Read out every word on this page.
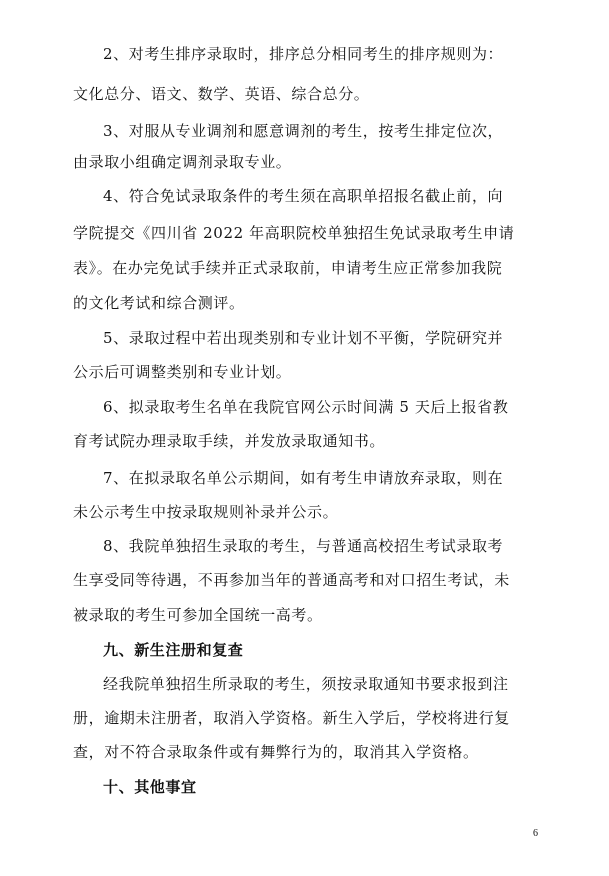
2、对考生排序录取时，排序总分相同考生的排序规则为：
文化总分、语文、数学、英语、综合总分。
3、对服从专业调剂和愿意调剂的考生，按考生排定位次，
由录取小组确定调剂录取专业。
4、符合免试录取条件的考生须在高职单招报名截止前，向
学院提交《四川省 2022 年高职院校单独招生免试录取考生申请
表》。在办完免试手续并正式录取前，申请考生应正常参加我院
的文化考试和综合测评。
5、录取过程中若出现类别和专业计划不平衡，学院研究并
公示后可调整类别和专业计划。
6、拟录取考生名单在我院官网公示时间满 5 天后上报省教
育考试院办理录取手续，并发放录取通知书。
7、在拟录取名单公示期间，如有考生申请放弃录取，则在
未公示考生中按录取规则补录并公示。
8、我院单独招生录取的考生，与普通高校招生考试录取考
生享受同等待遇，不再参加当年的普通高考和对口招生考试，未
被录取的考生可参加全国统一高考。
九、新生注册和复查
经我院单独招生所录取的考生，须按录取通知书要求报到注
册，逾期未注册者，取消入学资格。新生入学后，学校将进行复
查，对不符合录取条件或有舞弊行为的，取消其入学资格。
十、其他事宜
6
